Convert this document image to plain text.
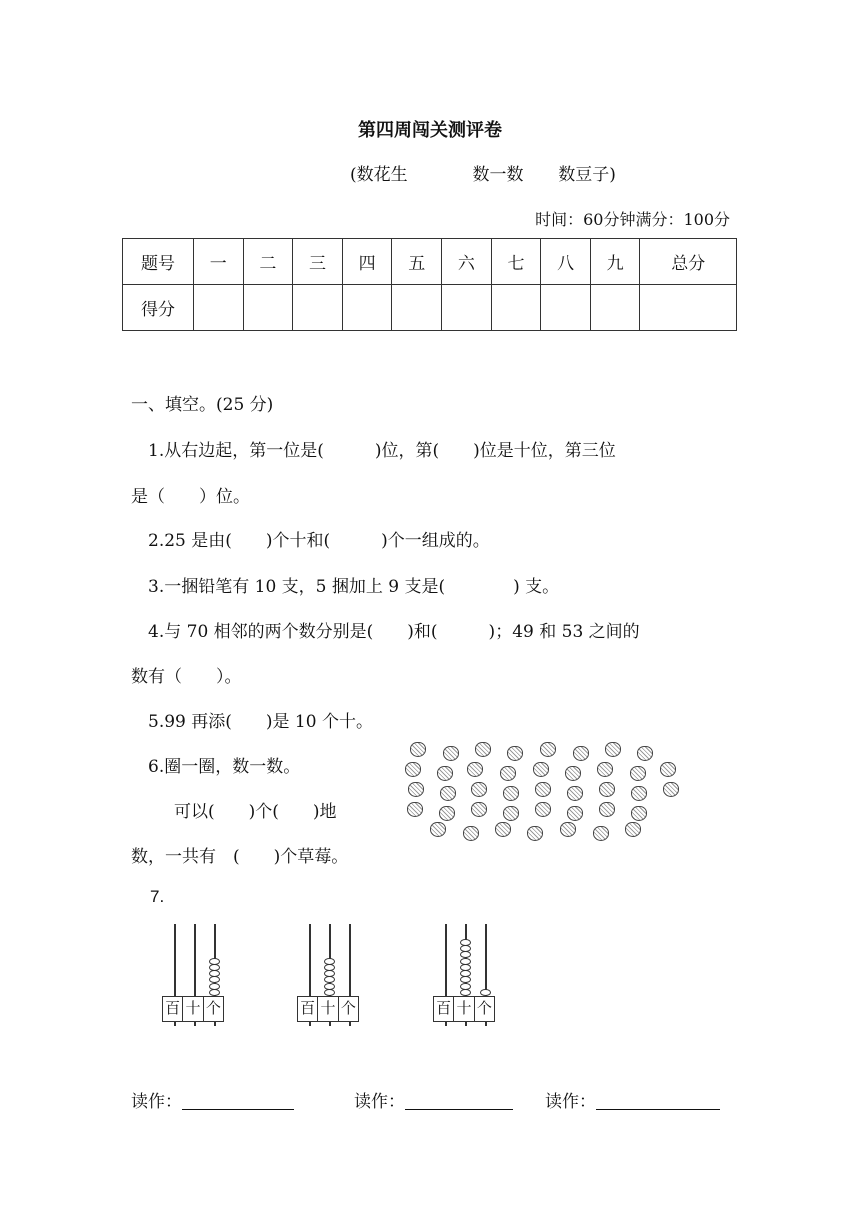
第四周闯关测评卷
(数花生	数一数 数豆子)
时间：60分钟满分：100分
题号	一	二	三	四	五	六	七	八	九	总分
得分										
一、填空。(25 分)
1.从右边起，第一位是(　　　)位，第(　　)位是十位，第三位
是（　　）位。
2.25 是由(　　)个十和(　　　)个一组成的。
3.一捆铅笔有 10 支，5 捆加上 9 支是(　　　　) 支。
4.与 70 相邻的两个数分别是(　　)和(　　　)；49 和 53 之间的
数有（　　）。
5.99 再添(　　)是 10 个十。
6.圈一圈，数一数。
可以(　　)个(　　)地
数，一共有　(　　)个草莓。
7.
百 十 个	百 十 个	百 十 个
读作：	读作：	读作：
